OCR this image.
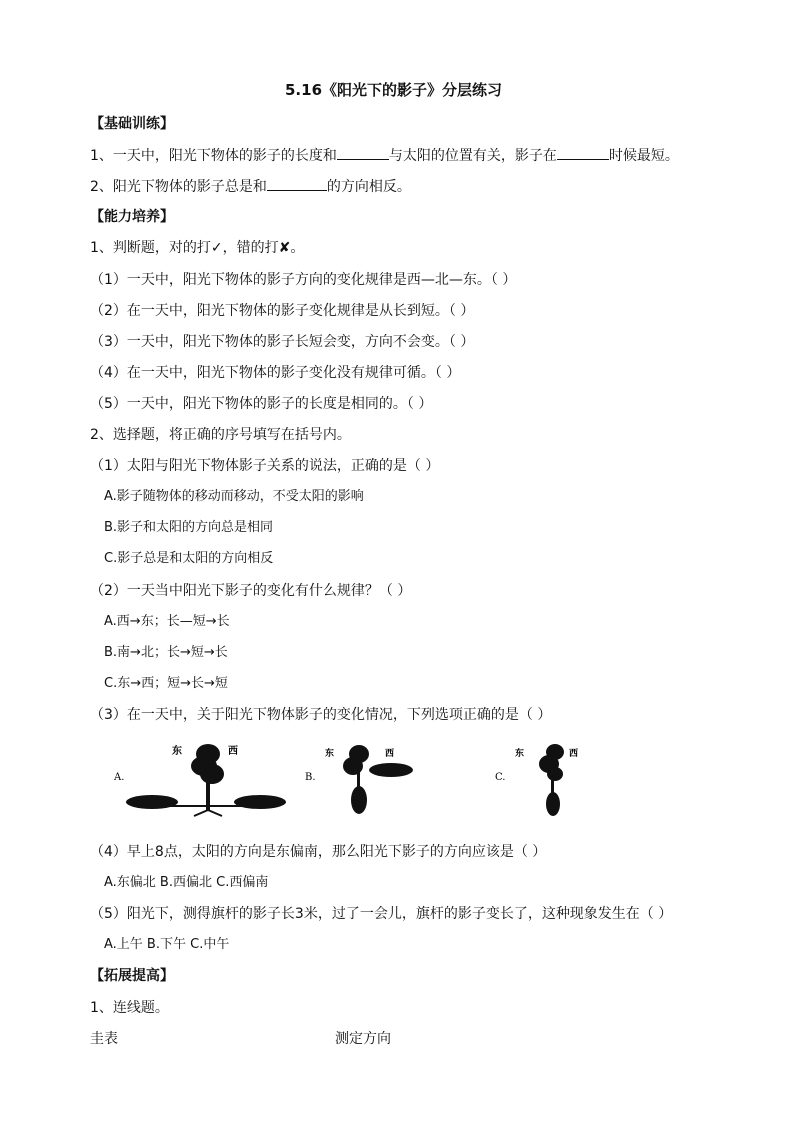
5.16《阳光下的影子》分层练习
【基础训练】
1、一天中，阳光下物体的影子的长度和	与太阳的位置有关，影子在	时候最短。
2、阳光下物体的影子总是和	的方向相反。
【能力培养】
1、判断题，对的打✓，错的打✘。
（1）一天中，阳光下物体的影子方向的变化规律是西—北—东。（ ）
（2）在一天中，阳光下物体的影子变化规律是从长到短。（ ）
（3）一天中，阳光下物体的影子长短会变，方向不会变。（ ）
（4）在一天中，阳光下物体的影子变化没有规律可循。（ ）
（5）一天中，阳光下物体的影子的长度是相同的。（ ）
2、选择题，将正确的序号填写在括号内。
（1）太阳与阳光下物体影子关系的说法，正确的是（ ）
A.影子随物体的移动而移动，不受太阳的影响
B.影子和太阳的方向总是相同
C.影子总是和太阳的方向相反
（2）一天当中阳光下影子的变化有什么规律？（ ）
A.西→东；长—短→长
B.南→北；长→短→长
C.东→西；短→长→短
（3）在一天中，关于阳光下物体影子的变化情况，下列选项正确的是（ ）
东	西
A.
东	西
B.
东	西
C.
（4）早上8点，太阳的方向是东偏南，那么阳光下影子的方向应该是（ ）
A.东偏北 B.西偏北 C.西偏南
（5）阳光下，测得旗杆的影子长3米，过了一会儿，旗杆的影子变长了，这种现象发生在（ ）
A.上午 B.下午 C.中午
【拓展提高】
1、连线题。
圭表	测定方向
